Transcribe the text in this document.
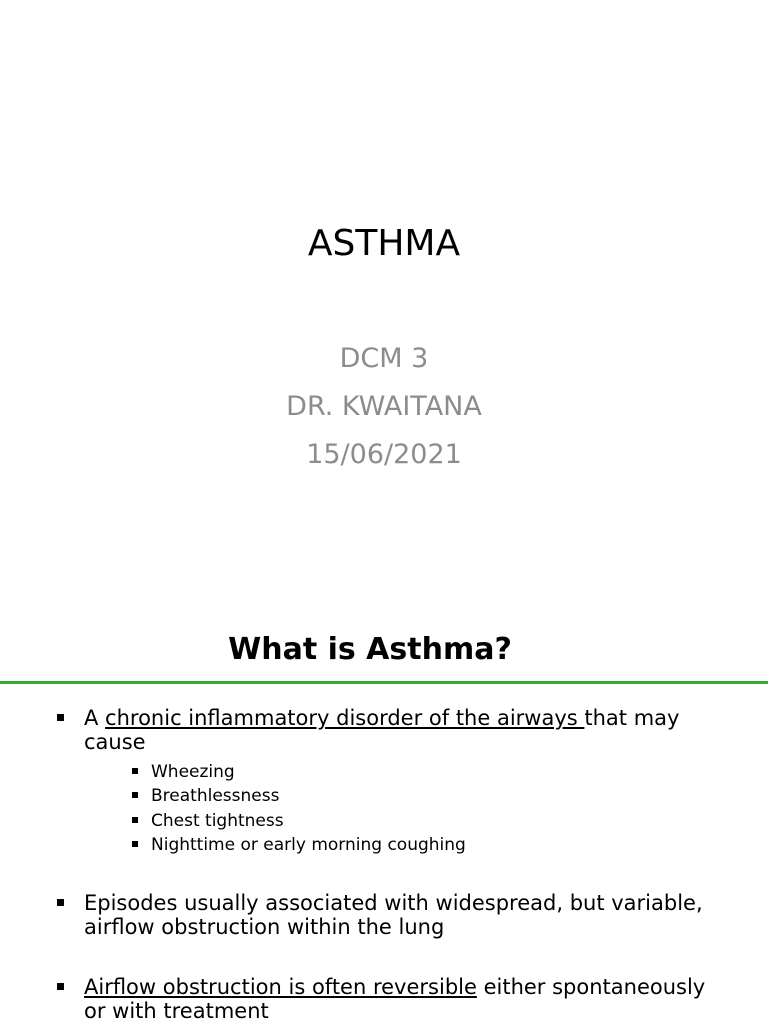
ASTHMA
DCM 3
DR. KWAITANA
15/06/2021
What is Asthma?
A chronic inflammatory disorder of the airways that may cause
Wheezing
Breathlessness
Chest tightness
Nighttime or early morning coughing
Episodes usually associated with widespread, but variable, airflow obstruction within the lung
Airflow obstruction is often reversible either spontaneously or with treatment
